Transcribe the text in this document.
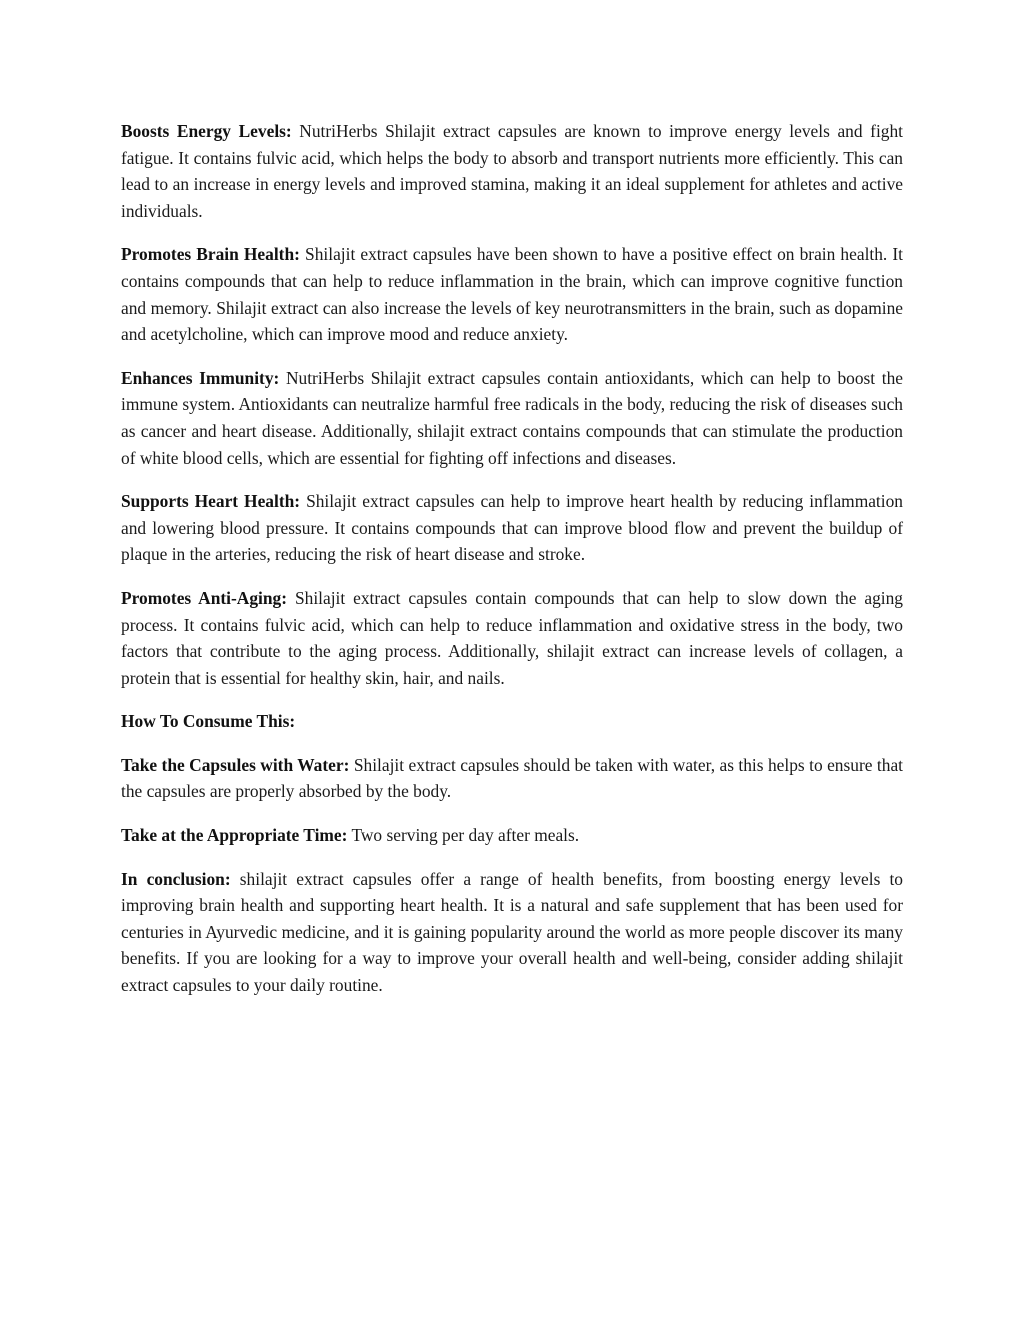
Boosts Energy Levels: NutriHerbs Shilajit extract capsules are known to improve energy levels and fight fatigue. It contains fulvic acid, which helps the body to absorb and transport nutrients more efficiently. This can lead to an increase in energy levels and improved stamina, making it an ideal supplement for athletes and active individuals.

Promotes Brain Health: Shilajit extract capsules have been shown to have a positive effect on brain health. It contains compounds that can help to reduce inflammation in the brain, which can improve cognitive function and memory. Shilajit extract can also increase the levels of key neurotransmitters in the brain, such as dopamine and acetylcholine, which can improve mood and reduce anxiety.

Enhances Immunity: NutriHerbs Shilajit extract capsules contain antioxidants, which can help to boost the immune system. Antioxidants can neutralize harmful free radicals in the body, reducing the risk of diseases such as cancer and heart disease. Additionally, shilajit extract contains compounds that can stimulate the production of white blood cells, which are essential for fighting off infections and diseases.

Supports Heart Health: Shilajit extract capsules can help to improve heart health by reducing inflammation and lowering blood pressure. It contains compounds that can improve blood flow and prevent the buildup of plaque in the arteries, reducing the risk of heart disease and stroke.

Promotes Anti-Aging: Shilajit extract capsules contain compounds that can help to slow down the aging process. It contains fulvic acid, which can help to reduce inflammation and oxidative stress in the body, two factors that contribute to the aging process. Additionally, shilajit extract can increase levels of collagen, a protein that is essential for healthy skin, hair, and nails.

How To Consume This:

Take the Capsules with Water: Shilajit extract capsules should be taken with water, as this helps to ensure that the capsules are properly absorbed by the body.

Take at the Appropriate Time: Two serving per day after meals.

In conclusion: shilajit extract capsules offer a range of health benefits, from boosting energy levels to improving brain health and supporting heart health. It is a natural and safe supplement that has been used for centuries in Ayurvedic medicine, and it is gaining popularity around the world as more people discover its many benefits. If you are looking for a way to improve your overall health and well-being, consider adding shilajit extract capsules to your daily routine.
